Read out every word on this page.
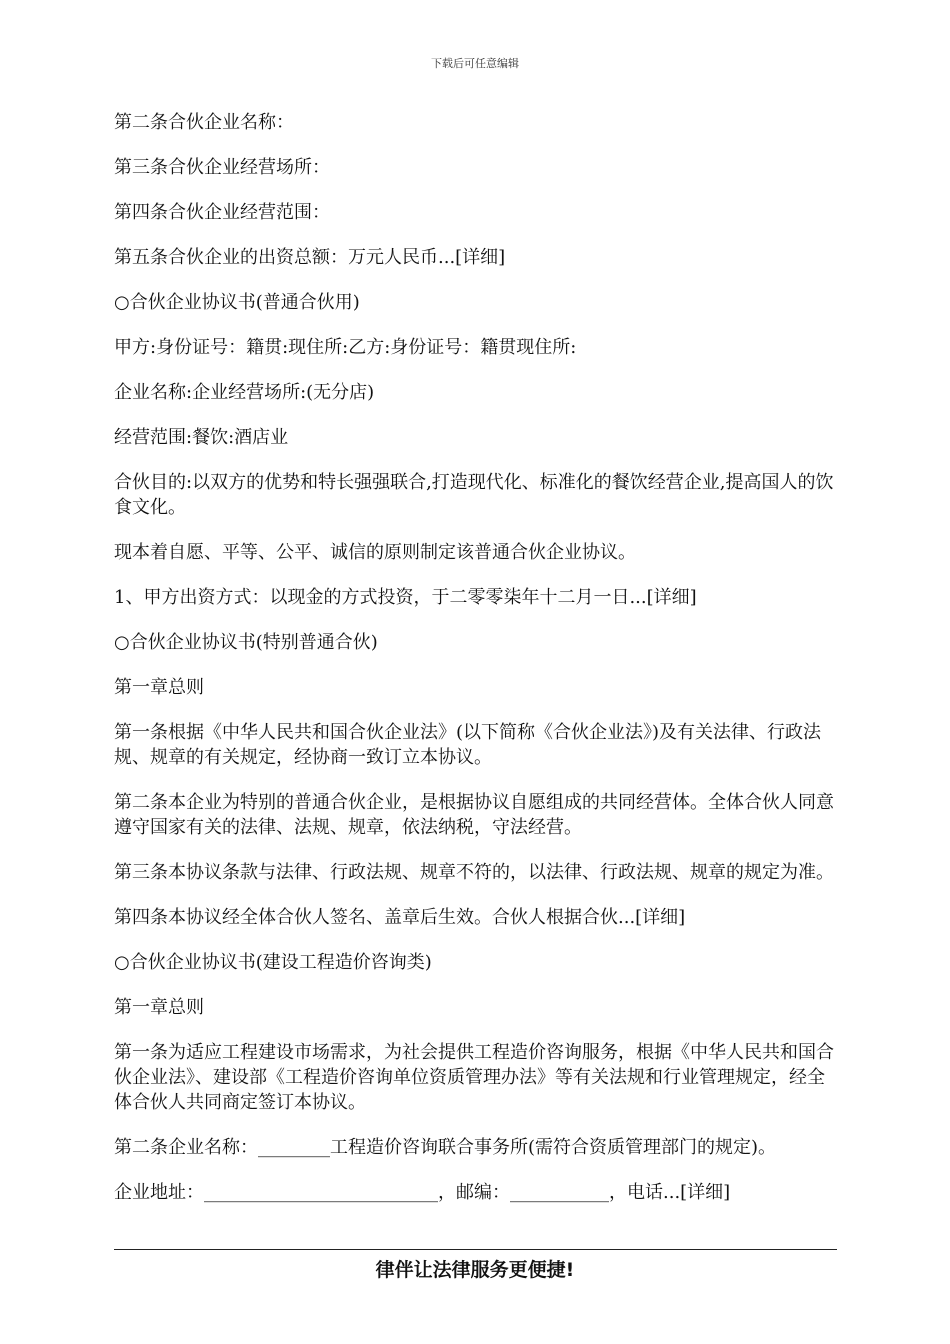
下载后可任意编辑

第二条合伙企业名称：

第三条合伙企业经营场所：

第四条合伙企业经营范围：

第五条合伙企业的出资总额：万元人民币...[详细]

○合伙企业协议书(普通合伙用)

甲方:身份证号：籍贯:现住所:乙方:身份证号：籍贯现住所:

企业名称:企业经营场所:(无分店)

经营范围:餐饮:酒店业

合伙目的:以双方的优势和特长强强联合,打造现代化、标准化的餐饮经营企业,提高国人的饮食文化。

现本着自愿、平等、公平、诚信的原则制定该普通合伙企业协议。

1、甲方出资方式：以现金的方式投资，于二零零柒年十二月一日...[详细]

○合伙企业协议书(特别普通合伙)

第一章总则

第一条根据《中华人民共和国合伙企业法》(以下简称《合伙企业法》)及有关法律、行政法规、规章的有关规定，经协商一致订立本协议。

第二条本企业为特别的普通合伙企业，是根据协议自愿组成的共同经营体。全体合伙人同意遵守国家有关的法律、法规、规章，依法纳税，守法经营。

第三条本协议条款与法律、行政法规、规章不符的，以法律、行政法规、规章的规定为准。

第四条本协议经全体合伙人签名、盖章后生效。合伙人根据合伙...[详细]

○合伙企业协议书(建设工程造价咨询类)

第一章总则

第一条为适应工程建设市场需求，为社会提供工程造价咨询服务，根据《中华人民共和国合伙企业法》、建设部《工程造价咨询单位资质管理办法》等有关法规和行业管理规定，经全体合伙人共同商定签订本协议。

第二条企业名称：________工程造价咨询联合事务所(需符合资质管理部门的规定)。

企业地址：__________________________，邮编：___________，电话...[详细]

律伴让法律服务更便捷!
